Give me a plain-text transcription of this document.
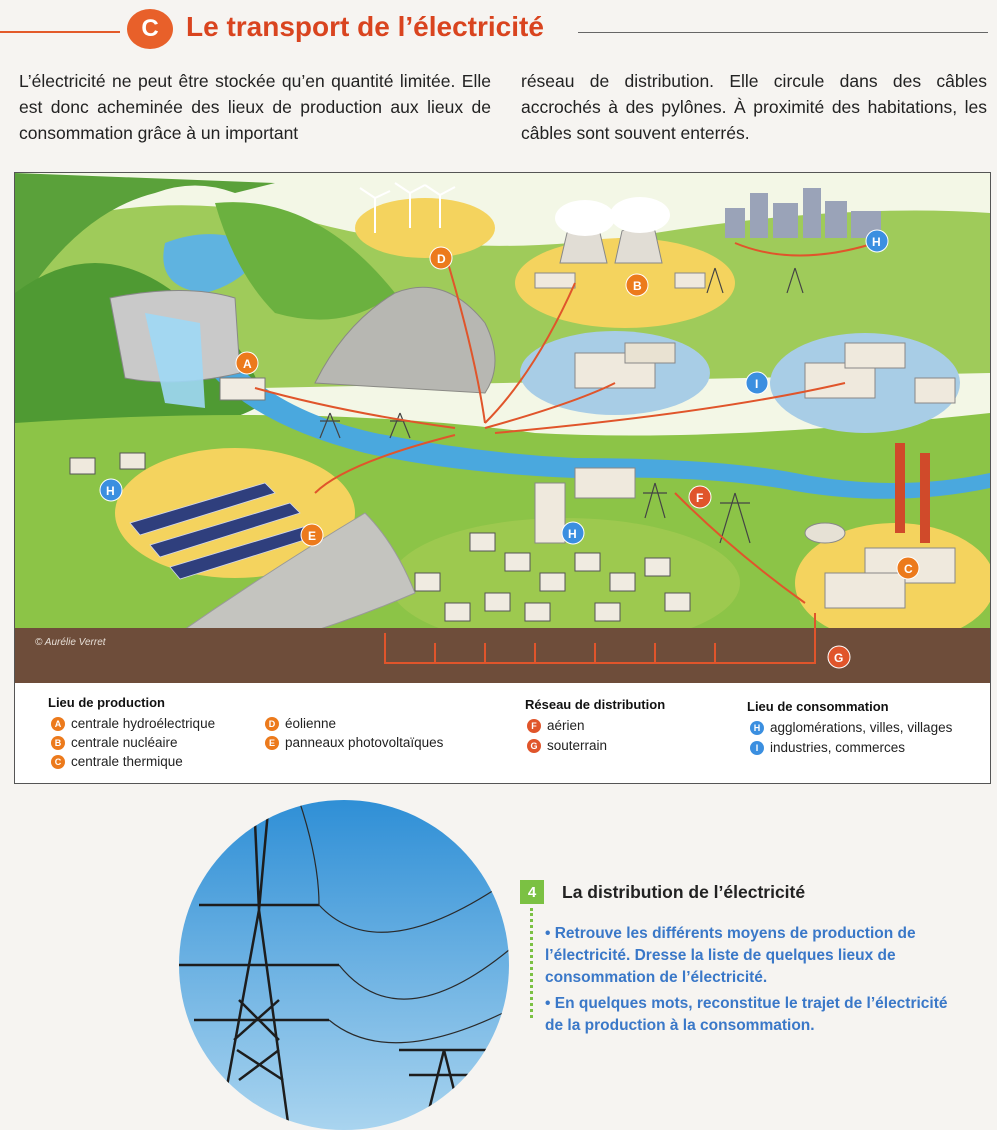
C Le transport de l’électricité
L’électricité ne peut être stockée qu’en quantité limitée. Elle est donc acheminée des lieux de production aux lieux de consommation grâce à un important
réseau de distribution. Elle circule dans des câbles accrochés à des pylônes. À proximité des habitations, les câbles sont souvent enterrés.
© Aurélie Verret
A
B
C
D
E
F
G
H
H
H
I
Lieu de production
A centrale hydroélectrique
B centrale nucléaire
C centrale thermique
D éolienne
E panneaux photovoltaïques
Réseau de distribution
F aérien
G souterrain
Lieu de consommation
H agglomérations, villes, villages
I industries, commerces
4	La distribution de l’électricité
• Retrouve les différents moyens de production de l’électricité. Dresse la liste de quelques lieux de consommation de l’électricité.
• En quelques mots, reconstitue le trajet de l’électricité de la production à la consommation.
